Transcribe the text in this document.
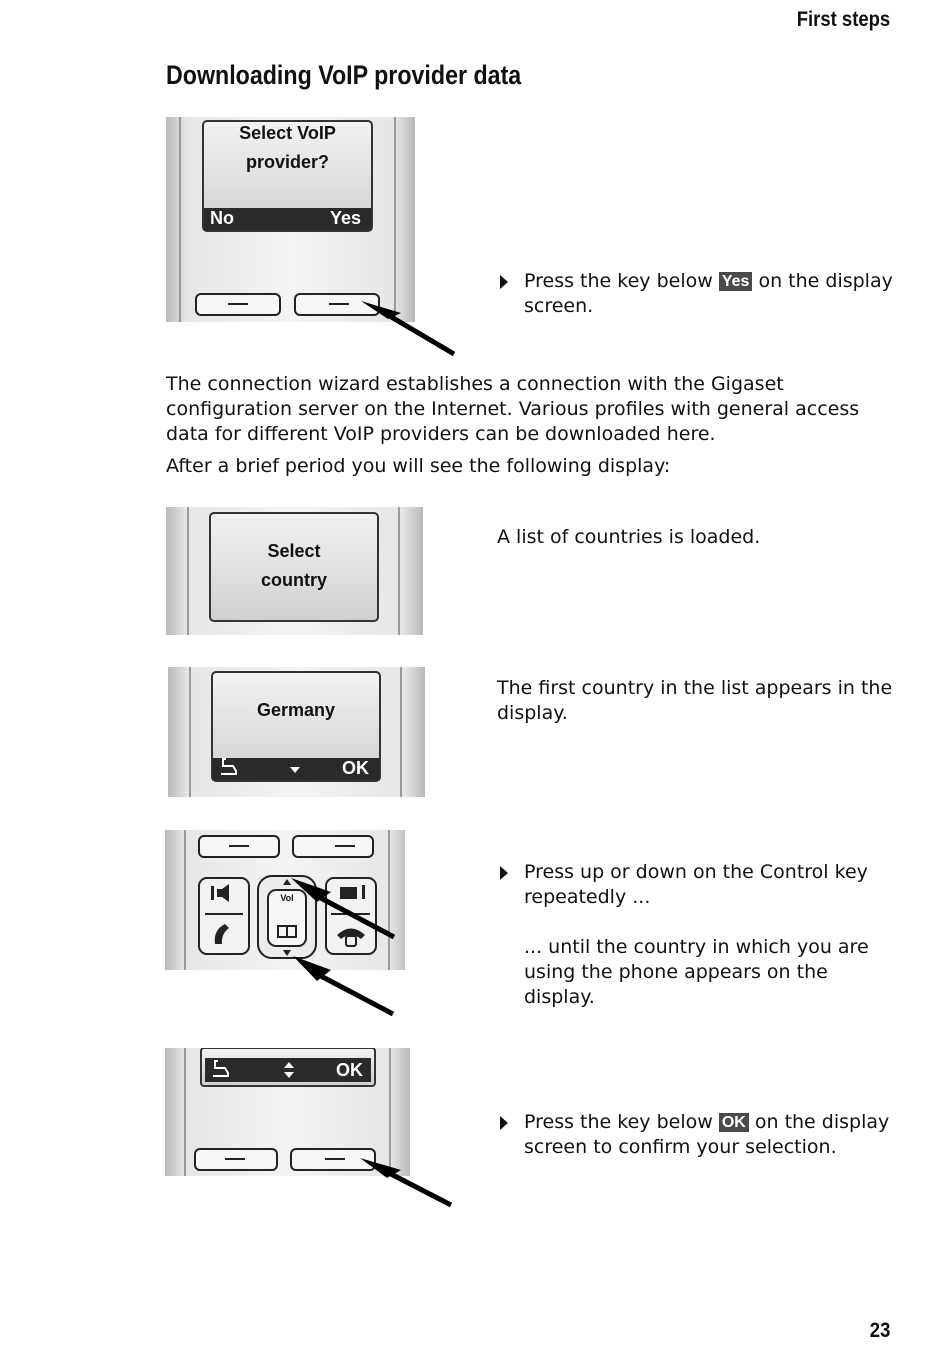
First steps
Downloading VoIP provider data
Select VoIP
provider?
No	Yes
Press the key below Yes on the display screen.
The connection wizard establishes a connection with the Gigaset configuration server on the Internet. Various profiles with general access data for different VoIP providers can be downloaded here.
After a brief period you will see the following display:
Select
country
A list of countries is loaded.
Germany
OK
The first country in the list appears in the display.
Vol
Press up or down on the Control key repeatedly ...
... until the country in which you are using the phone appears on the display.
OK
Press the key below OK on the display screen to confirm your selection.
23
